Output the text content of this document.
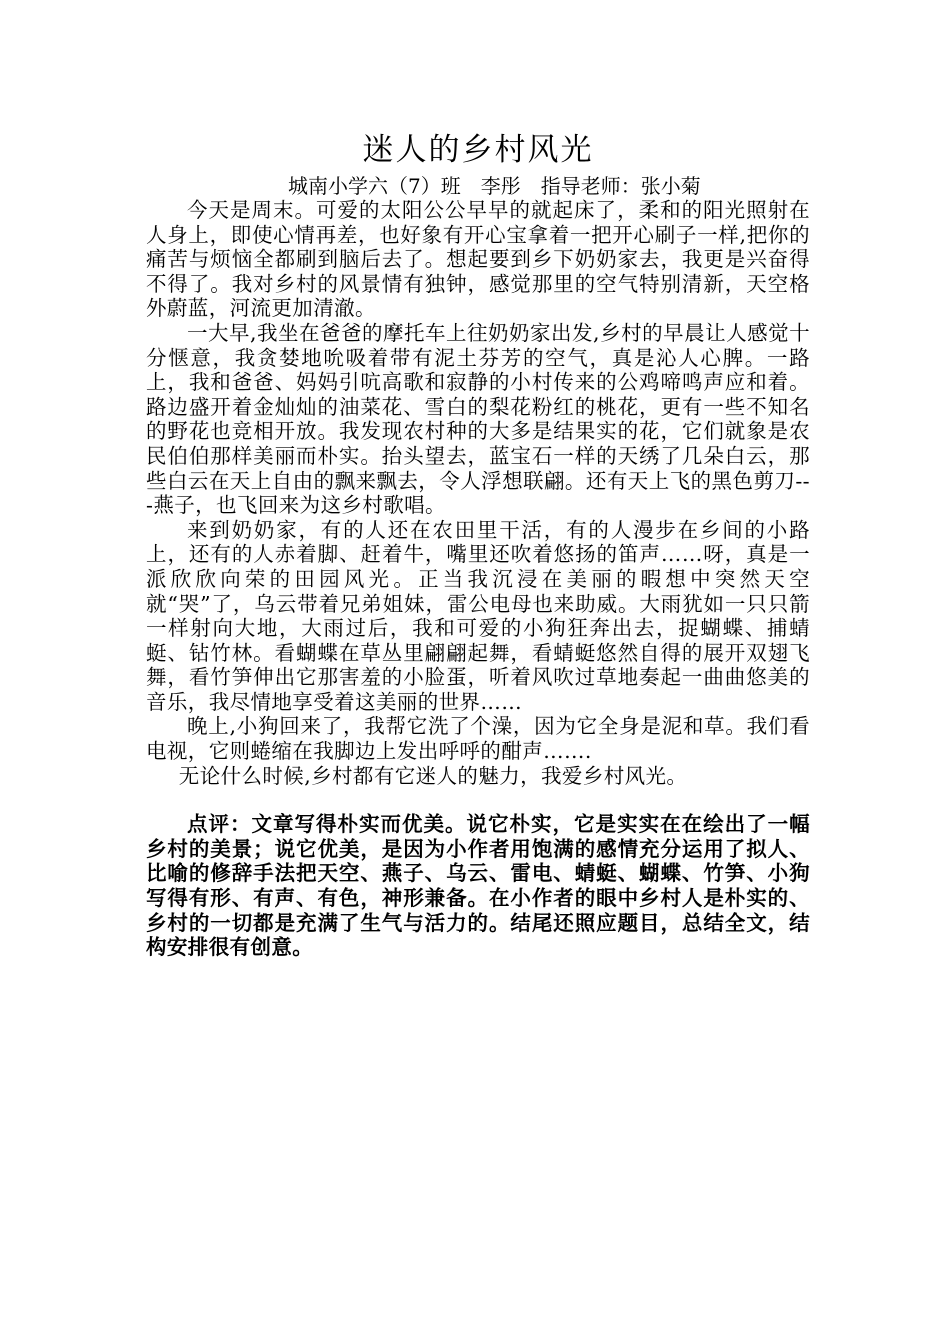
迷人的乡村风光
城南小学六（7）班　李彤　指导老师：张小菊

今天是周末。可爱的太阳公公早早的就起床了，柔和的阳光照射在人身上，即使心情再差，也好象有开心宝拿着一把开心刷子一样,把你的痛苦与烦恼全都刷到脑后去了。想起要到乡下奶奶家去，我更是兴奋得不得了。我对乡村的风景情有独钟，感觉那里的空气特别清新，天空格外蔚蓝，河流更加清澈。

一大早,我坐在爸爸的摩托车上往奶奶家出发,乡村的早晨让人感觉十分惬意，我贪婪地吮吸着带有泥土芬芳的空气，真是沁人心脾。一路上，我和爸爸、妈妈引吭高歌和寂静的小村传来的公鸡啼鸣声应和着。路边盛开着金灿灿的油菜花、雪白的梨花粉红的桃花，更有一些不知名的野花也竞相开放。我发现农村种的大多是结果实的花，它们就象是农民伯伯那样美丽而朴实。抬头望去，蓝宝石一样的天绣了几朵白云，那些白云在天上自由的飘来飘去，令人浮想联翩。还有天上飞的黑色剪刀---燕子，也飞回来为这乡村歌唱。

来到奶奶家，有的人还在农田里干活，有的人漫步在乡间的小路上，还有的人赤着脚、赶着牛，嘴里还吹着悠扬的笛声……呀，真是一派欣欣向荣的田园风光。正当我沉浸在美丽的暇想中突然天空就“哭”了，乌云带着兄弟姐妹，雷公电母也来助威。大雨犹如一只只箭一样射向大地，大雨过后，我和可爱的小狗狂奔出去，捉蝴蝶、捕蜻蜓、钻竹林。看蝴蝶在草丛里翩翩起舞，看蜻蜓悠然自得的展开双翅飞舞，看竹笋伸出它那害羞的小脸蛋，听着风吹过草地奏起一曲曲悠美的音乐，我尽情地享受着这美丽的世界……

晚上,小狗回来了，我帮它洗了个澡，因为它全身是泥和草。我们看电视，它则蜷缩在我脚边上发出呼呼的酣声…….

无论什么时候,乡村都有它迷人的魅力，我爱乡村风光。

点评：文章写得朴实而优美。说它朴实，它是实实在在绘出了一幅乡村的美景；说它优美，是因为小作者用饱满的感情充分运用了拟人、比喻的修辞手法把天空、燕子、乌云、雷电、蜻蜓、蝴蝶、竹笋、小狗写得有形、有声、有色，神形兼备。在小作者的眼中乡村人是朴实的、乡村的一切都是充满了生气与活力的。结尾还照应题目，总结全文，结构安排很有创意。
